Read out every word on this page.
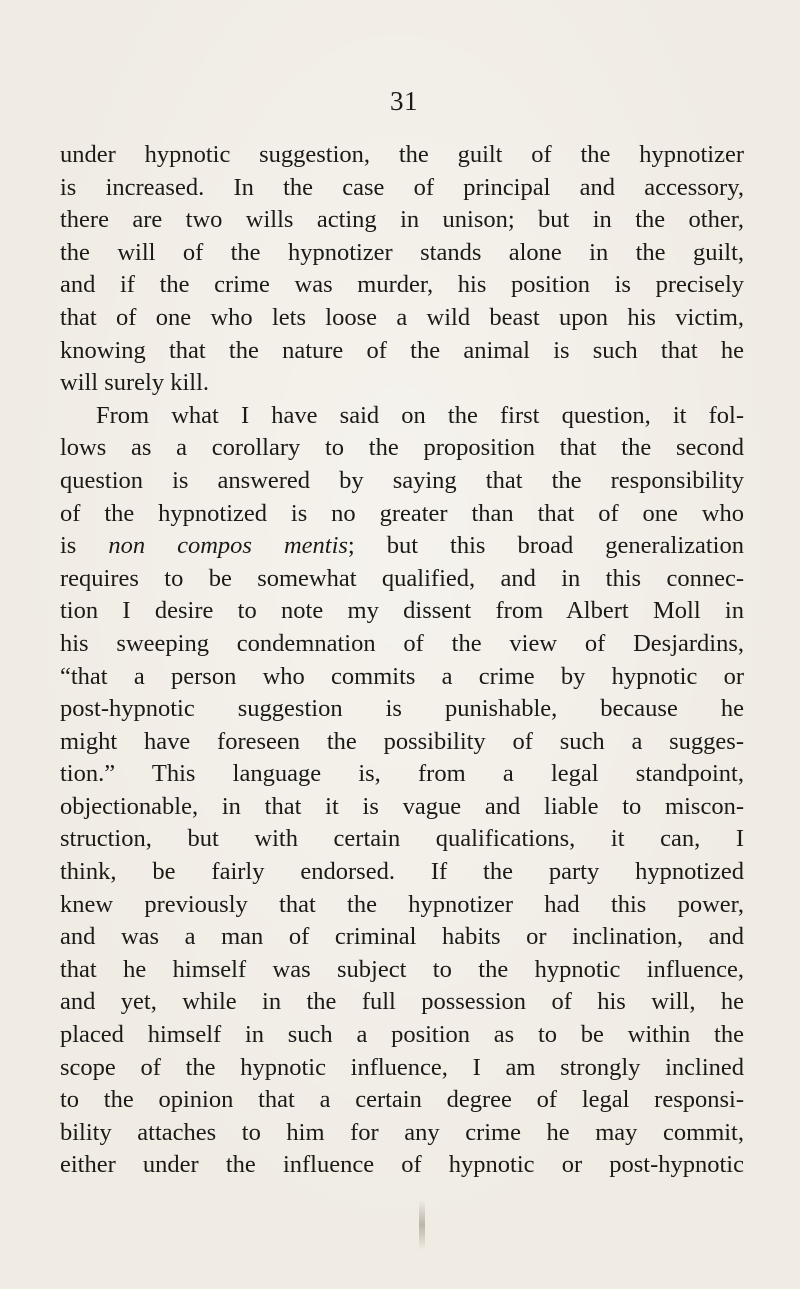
31
under hypnotic suggestion, the guilt of the hypnotizer
is increased. In the case of principal and accessory,
there are two wills acting in unison; but in the other,
the will of the hypnotizer stands alone in the guilt,
and if the crime was murder, his position is precisely
that of one who lets loose a wild beast upon his victim,
knowing that the nature of the animal is such that he
will surely kill.
From what I have said on the first question, it fol-
lows as a corollary to the proposition that the second
question is answered by saying that the responsibility
of the hypnotized is no greater than that of one who
is non compos mentis; but this broad generalization
requires to be somewhat qualified, and in this connec-
tion I desire to note my dissent from Albert Moll in
his sweeping condemnation of the view of Desjardins,
“that a person who commits a crime by hypnotic or
post-hypnotic suggestion is punishable, because he
might have foreseen the possibility of such a sugges-
tion.” This language is, from a legal standpoint,
objectionable, in that it is vague and liable to miscon-
struction, but with certain qualifications, it can, I
think, be fairly endorsed. If the party hypnotized
knew previously that the hypnotizer had this power,
and was a man of criminal habits or inclination, and
that he himself was subject to the hypnotic influence,
and yet, while in the full possession of his will, he
placed himself in such a position as to be within the
scope of the hypnotic influence, I am strongly inclined
to the opinion that a certain degree of legal responsi-
bility attaches to him for any crime he may commit,
either under the influence of hypnotic or post-hypnotic
